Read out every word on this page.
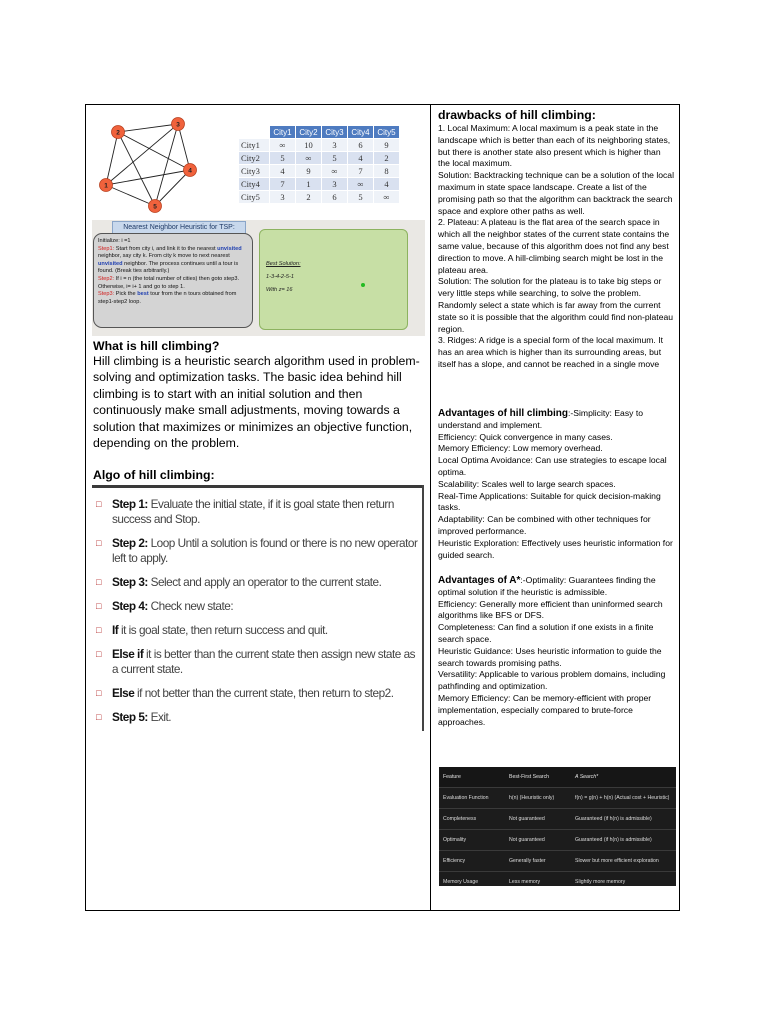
2
3
4
1
5
	City1	City2	City3	City4	City5
City1	∞	10	3	6	9
City2	5	∞	5	4	2
City3	4	9	∞	7	8
City4	7	1	3	∞	4
City5	3	2	6	5	∞
Nearest Neighbor Heuristic for TSP:
Initialize: i =1
Step1: Start from city i, and link it to the nearest unvisited neighbor, say city k. From city k move to next nearest unvisited neighbor. The process continues until a tour is found. (Break ties arbitrarily.)
Step2: If i = n (the total number of cities) then goto step3. Otherwise, i= i+ 1 and go to step 1.
Step3: Pick the best tour from the n tours obtained from step1-step2 loop.
Best Solution:
1-3-4-2-5-1
With z= 16
What is hill climbing?
Hill climbing is a heuristic search algorithm used in problem-solving and optimization tasks. The basic idea behind hill climbing is to start with an initial solution and then continuously make small adjustments, moving towards a solution that maximizes or minimizes an objective function, depending on the problem.
Algo of hill climbing:
□ Step 1: Evaluate the initial state, if it is goal state then return success and Stop.
□ Step 2: Loop Until a solution is found or there is no new operator left to apply.
□ Step 3: Select and apply an operator to the current state.
□ Step 4: Check new state:
□ If it is goal state, then return success and quit.
□ Else if it is better than the current state then assign new state as a current state.
□ Else if not better than the current state, then return to step2.
□ Step 5: Exit.
drawbacks of hill climbing:
1. Local Maximum: A local maximum is a peak state in the landscape which is better than each of its neighboring states, but there is another state also present which is higher than the local maximum.
Solution: Backtracking technique can be a solution of the local maximum in state space landscape. Create a list of the promising path so that the algorithm can backtrack the search space and explore other paths as well.
2. Plateau: A plateau is the flat area of the search space in which all the neighbor states of the current state contains the same value, because of this algorithm does not find any best direction to move. A hill-climbing search might be lost in the plateau area.
Solution: The solution for the plateau is to take big steps or very little steps while searching, to solve the problem. Randomly select a state which is far away from the current state so it is possible that the algorithm could find non-plateau region.
3. Ridges: A ridge is a special form of the local maximum. It has an area which is higher than its surrounding areas, but itself has a slope, and cannot be reached in a single move
Advantages of hill climbing:-Simplicity: Easy to understand and implement.
Efficiency: Quick convergence in many cases.
Memory Efficiency: Low memory overhead.
Local Optima Avoidance: Can use strategies to escape local optima.
Scalability: Scales well to large search spaces.
Real-Time Applications: Suitable for quick decision-making tasks.
Adaptability: Can be combined with other techniques for improved performance.
Heuristic Exploration: Effectively uses heuristic information for guided search.
Advantages of A*:-Optimality: Guarantees finding the optimal solution if the heuristic is admissible.
Efficiency: Generally more efficient than uninformed search algorithms like BFS or DFS.
Completeness: Can find a solution if one exists in a finite search space.
Heuristic Guidance: Uses heuristic information to guide the search towards promising paths.
Versatility: Applicable to various problem domains, including pathfinding and optimization.
Memory Efficiency: Can be memory-efficient with proper implementation, especially compared to brute-force approaches.
Feature	Best-First Search	A Search*
Evaluation Function	h(n) (Heuristic only)	f(n) = g(n) + h(n) (Actual cost + Heuristic)
Completeness	Not guaranteed	Guaranteed (if h(n) is admissible)
Optimality	Not guaranteed	Guaranteed (if h(n) is admissible)
Efficiency	Generally faster	Slower but more efficient exploration
Memory Usage	Less memory	Slightly more memory
